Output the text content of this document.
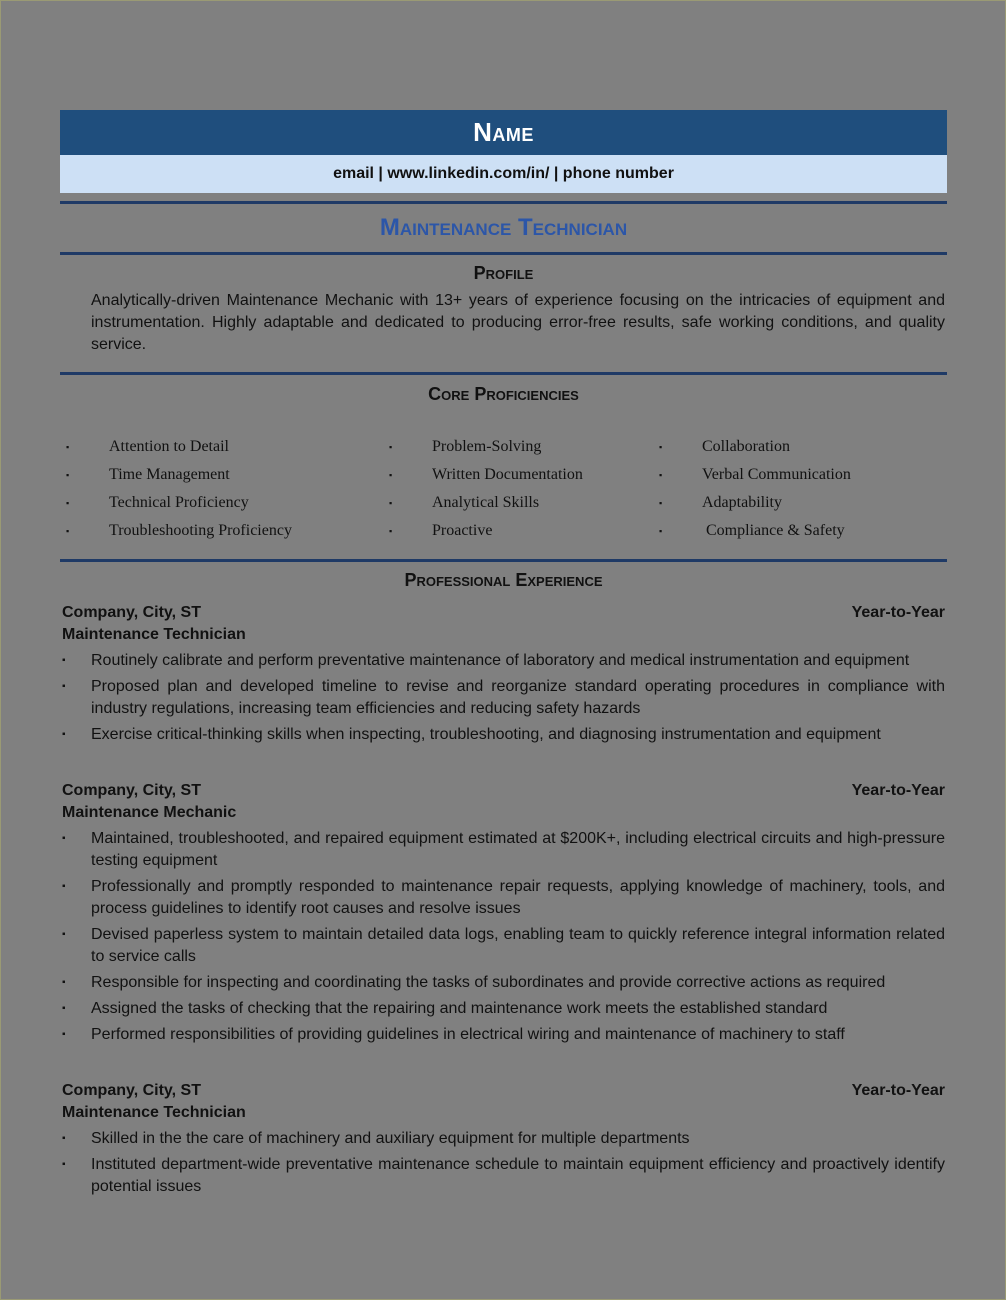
Name
email | www.linkedin.com/in/ | phone number
Maintenance Technician
Profile

Analytically-driven Maintenance Mechanic with 13+ years of experience focusing on the intricacies of equipment and instrumentation. Highly adaptable and dedicated to producing error-free results, safe working conditions, and quality service.

Core Proficiencies
▪	Attention to Detail	▪	Problem-Solving	▪	Collaboration
▪	Time Management	▪	Written Documentation	▪	Verbal Communication
▪	Technical Proficiency	▪	Analytical Skills	▪	Adaptability
▪	Troubleshooting Proficiency	▪	Proactive	▪	Compliance & Safety
Professional Experience
Company, City, ST	Year-to-Year
Maintenance Technician
▪ Routinely calibrate and perform preventative maintenance of laboratory and medical instrumentation and equipment
▪ Proposed plan and developed timeline to revise and reorganize standard operating procedures in compliance with industry regulations, increasing team efficiencies and reducing safety hazards
▪ Exercise critical-thinking skills when inspecting, troubleshooting, and diagnosing instrumentation and equipment
Company, City, ST	Year-to-Year
Maintenance Mechanic
▪ Maintained, troubleshooted, and repaired equipment estimated at $200K+, including electrical circuits and high-pressure testing equipment
▪ Professionally and promptly responded to maintenance repair requests, applying knowledge of machinery, tools, and process guidelines to identify root causes and resolve issues
▪ Devised paperless system to maintain detailed data logs, enabling team to quickly reference integral information related to service calls
▪ Responsible for inspecting and coordinating the tasks of subordinates and provide corrective actions as required
▪ Assigned the tasks of checking that the repairing and maintenance work meets the established standard
▪ Performed responsibilities of providing guidelines in electrical wiring and maintenance of machinery to staff
Company, City, ST	Year-to-Year
Maintenance Technician
▪ Skilled in the the care of machinery and auxiliary equipment for multiple departments
▪ Instituted department-wide preventative maintenance schedule to maintain equipment efficiency and proactively identify potential issues
